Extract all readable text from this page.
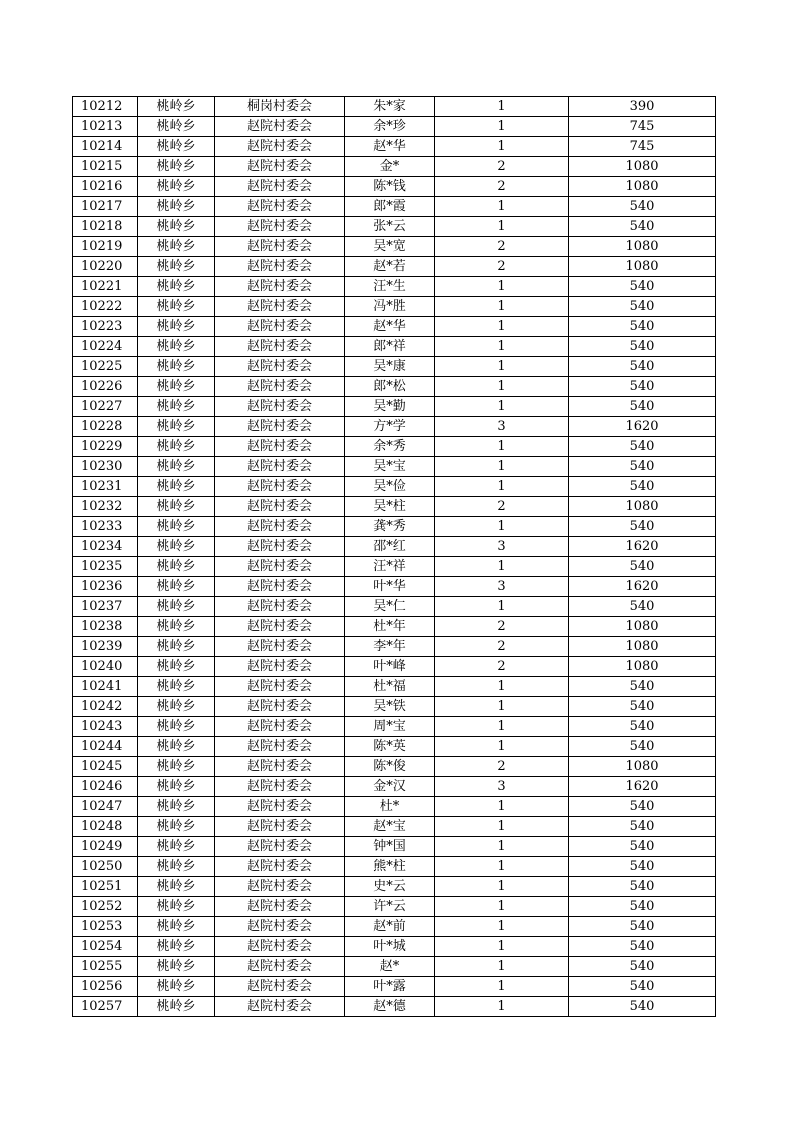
10212	桃岭乡	桐岗村委会	朱*家	1	390
10213	桃岭乡	赵院村委会	余*珍	1	745
10214	桃岭乡	赵院村委会	赵*华	1	745
10215	桃岭乡	赵院村委会	金*	2	1080
10216	桃岭乡	赵院村委会	陈*钱	2	1080
10217	桃岭乡	赵院村委会	郎*霞	1	540
10218	桃岭乡	赵院村委会	张*云	1	540
10219	桃岭乡	赵院村委会	吴*宽	2	1080
10220	桃岭乡	赵院村委会	赵*若	2	1080
10221	桃岭乡	赵院村委会	汪*生	1	540
10222	桃岭乡	赵院村委会	冯*胜	1	540
10223	桃岭乡	赵院村委会	赵*华	1	540
10224	桃岭乡	赵院村委会	郎*祥	1	540
10225	桃岭乡	赵院村委会	吴*康	1	540
10226	桃岭乡	赵院村委会	郎*松	1	540
10227	桃岭乡	赵院村委会	吴*勤	1	540
10228	桃岭乡	赵院村委会	方*学	3	1620
10229	桃岭乡	赵院村委会	余*秀	1	540
10230	桃岭乡	赵院村委会	吴*宝	1	540
10231	桃岭乡	赵院村委会	吴*俭	1	540
10232	桃岭乡	赵院村委会	吴*柱	2	1080
10233	桃岭乡	赵院村委会	龚*秀	1	540
10234	桃岭乡	赵院村委会	邵*红	3	1620
10235	桃岭乡	赵院村委会	汪*祥	1	540
10236	桃岭乡	赵院村委会	叶*华	3	1620
10237	桃岭乡	赵院村委会	吴*仁	1	540
10238	桃岭乡	赵院村委会	杜*年	2	1080
10239	桃岭乡	赵院村委会	李*年	2	1080
10240	桃岭乡	赵院村委会	叶*峰	2	1080
10241	桃岭乡	赵院村委会	杜*福	1	540
10242	桃岭乡	赵院村委会	吴*铁	1	540
10243	桃岭乡	赵院村委会	周*宝	1	540
10244	桃岭乡	赵院村委会	陈*英	1	540
10245	桃岭乡	赵院村委会	陈*俊	2	1080
10246	桃岭乡	赵院村委会	金*汉	3	1620
10247	桃岭乡	赵院村委会	杜*	1	540
10248	桃岭乡	赵院村委会	赵*宝	1	540
10249	桃岭乡	赵院村委会	钟*国	1	540
10250	桃岭乡	赵院村委会	熊*柱	1	540
10251	桃岭乡	赵院村委会	史*云	1	540
10252	桃岭乡	赵院村委会	许*云	1	540
10253	桃岭乡	赵院村委会	赵*前	1	540
10254	桃岭乡	赵院村委会	叶*城	1	540
10255	桃岭乡	赵院村委会	赵*	1	540
10256	桃岭乡	赵院村委会	叶*露	1	540
10257	桃岭乡	赵院村委会	赵*德	1	540
